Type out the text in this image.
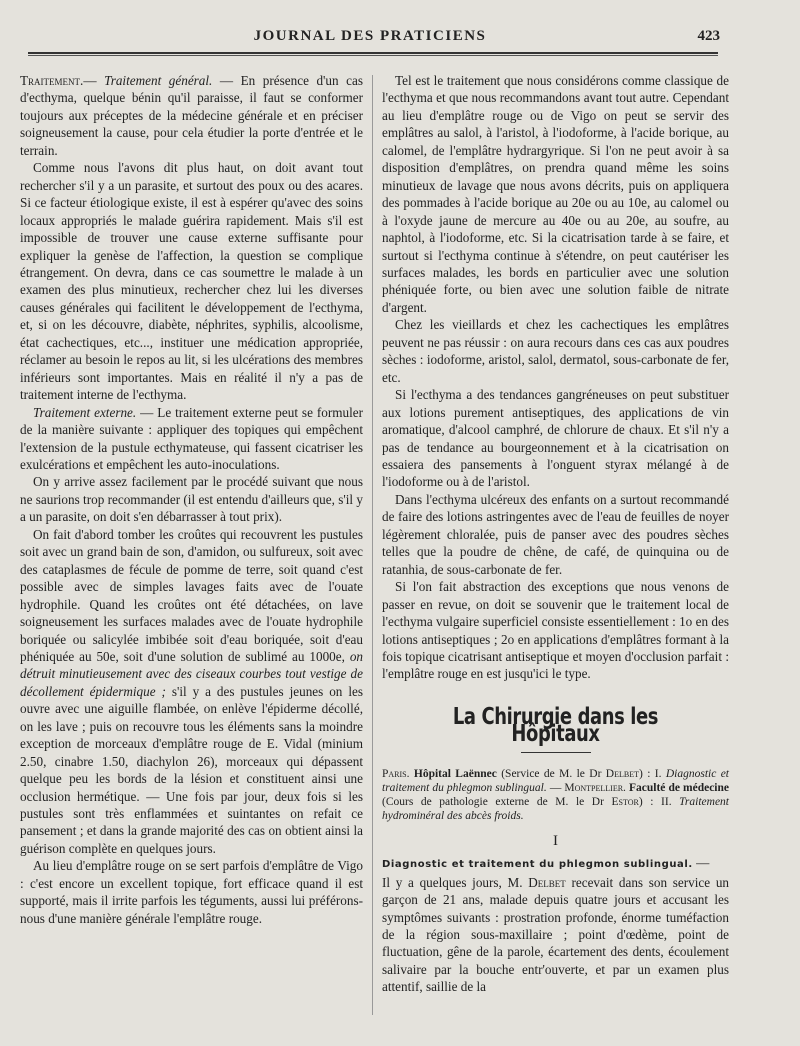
JOURNAL DES PRATICIENS	423

Traitement.— Traitement général. — En présence d'un cas d'ecthyma, quelque bénin qu'il paraisse, il faut se conformer toujours aux préceptes de la médecine générale et en préciser soigneusement la cause, pour cela étudier la porte d'entrée et le terrain.

Comme nous l'avons dit plus haut, on doit avant tout rechercher s'il y a un parasite, et surtout des poux ou des acares. Si ce facteur étiologique existe, il est à espérer qu'avec des soins locaux appropriés le malade guérira rapidement. Mais s'il est impossible de trouver une cause externe suffisante pour expliquer la genèse de l'affection, la question se complique étrangement. On devra, dans ce cas soumettre le malade à un examen des plus minutieux, rechercher chez lui les diverses causes générales qui facilitent le développement de l'ecthyma, et, si on les découvre, diabète, néphrites, syphilis, alcoolisme, état cachectiques, etc..., instituer une médication appropriée, réclamer au besoin le repos au lit, si les ulcérations des membres inférieurs sont importantes. Mais en réalité il n'y a pas de traitement interne de l'ecthyma.

Traitement externe. — Le traitement externe peut se formuler de la manière suivante : appliquer des topiques qui empêchent l'extension de la pustule ecthymateuse, qui fassent cicatriser les exulcérations et empêchent les auto-inoculations.

On y arrive assez facilement par le procédé suivant que nous ne saurions trop recommander (il est entendu d'ailleurs que, s'il y a un parasite, on doit s'en débarrasser à tout prix).

On fait d'abord tomber les croûtes qui recouvrent les pustules soit avec un grand bain de son, d'amidon, ou sulfureux, soit avec des cataplasmes de fécule de pomme de terre, soit quand c'est possible avec de simples lavages faits avec de l'ouate hydrophile. Quand les croûtes ont été détachées, on lave soigneusement les surfaces malades avec de l'ouate hydrophile boriquée ou salicylée imbibée soit d'eau boriquée, soit d'eau phéniquée au 50e, soit d'une solution de sublimé au 1000e, on détruit minutieusement avec des ciseaux courbes tout vestige de décollement épidermique ; s'il y a des pustules jeunes on les ouvre avec une aiguille flambée, on enlève l'épiderme décollé, on les lave ; puis on recouvre tous les éléments sans la moindre exception de morceaux d'emplâtre rouge de E. Vidal (minium 2.50, cinabre 1.50, diachylon 26), morceaux qui dépassent quelque peu les bords de la lésion et constituent ainsi une occlusion hermétique. — Une fois par jour, deux fois si les pustules sont très enflammées et suintantes on refait ce pansement ; et dans la grande majorité des cas on obtient ainsi la guérison complète en quelques jours.

Au lieu d'emplâtre rouge on se sert parfois d'emplâtre de Vigo : c'est encore un excellent topique, fort efficace quand il est supporté, mais il irrite parfois les téguments, aussi lui préférons-nous d'une manière générale l'emplâtre rouge.

Tel est le traitement que nous considérons comme classique de l'ecthyma et que nous recommandons avant tout autre. Cependant au lieu d'emplâtre rouge ou de Vigo on peut se servir des emplâtres au salol, à l'aristol, à l'iodoforme, à l'acide borique, au calomel, de l'emplâtre hydrargyrique. Si l'on ne peut avoir à sa disposition d'emplâtres, on prendra quand même les soins minutieux de lavage que nous avons décrits, puis on appliquera des pommades à l'acide borique au 20e ou au 10e, au calomel ou à l'oxyde jaune de mercure au 40e ou au 20e, au soufre, au naphtol, à l'iodoforme, etc. Si la cicatrisation tarde à se faire, et surtout si l'ecthyma continue à s'étendre, on peut cautériser les surfaces malades, les bords en particulier avec une solution phéniquée forte, ou bien avec une solution faible de nitrate d'argent.

Chez les vieillards et chez les cachectiques les emplâtres peuvent ne pas réussir : on aura recours dans ces cas aux poudres sèches : iodoforme, aristol, salol, dermatol, sous-carbonate de fer, etc.

Si l'ecthyma a des tendances gangréneuses on peut substituer aux lotions purement antiseptiques, des applications de vin aromatique, d'alcool camphré, de chlorure de chaux. Et s'il n'y a pas de tendance au bourgeonnement et à la cicatrisation on essaiera des pansements à l'onguent styrax mélangé à de l'iodoforme ou à de l'aristol.

Dans l'ecthyma ulcéreux des enfants on a surtout recommandé de faire des lotions astringentes avec de l'eau de feuilles de noyer légèrement chloralée, puis de panser avec des poudres sèches telles que la poudre de chêne, de café, de quinquina ou de ratanhia, de sous-carbonate de fer.

Si l'on fait abstraction des exceptions que nous venons de passer en revue, on doit se souvenir que le traitement local de l'ecthyma vulgaire superficiel consiste essentiellement : 1o en des lotions antiseptiques ; 2o en applications d'emplâtres formant à la fois topique cicatrisant antiseptique et moyen d'occlusion parfait : l'emplâtre rouge en est jusqu'ici le type.

La Chirurgie dans les Hôpitaux

Paris. Hôpital Laënnec (Service de M. le Dr Delbet) : I. Diagnostic et traitement du phlegmon sublingual. — Montpellier. Faculté de médecine (Cours de pathologie externe de M. le Dr Estor) : II. Traitement hydrominéral des abcès froids.

I

Diagnostic et traitement du phlegmon sublingual. —

Il y a quelques jours, M. Delbet recevait dans son service un garçon de 21 ans, malade depuis quatre jours et accusant les symptômes suivants : prostration profonde, énorme tuméfaction de la région sous-maxillaire ; point d'œdème, point de fluctuation, gêne de la parole, écartement des dents, écoulement salivaire par la bouche entr'ouverte, et par un examen plus attentif, saillie de la
